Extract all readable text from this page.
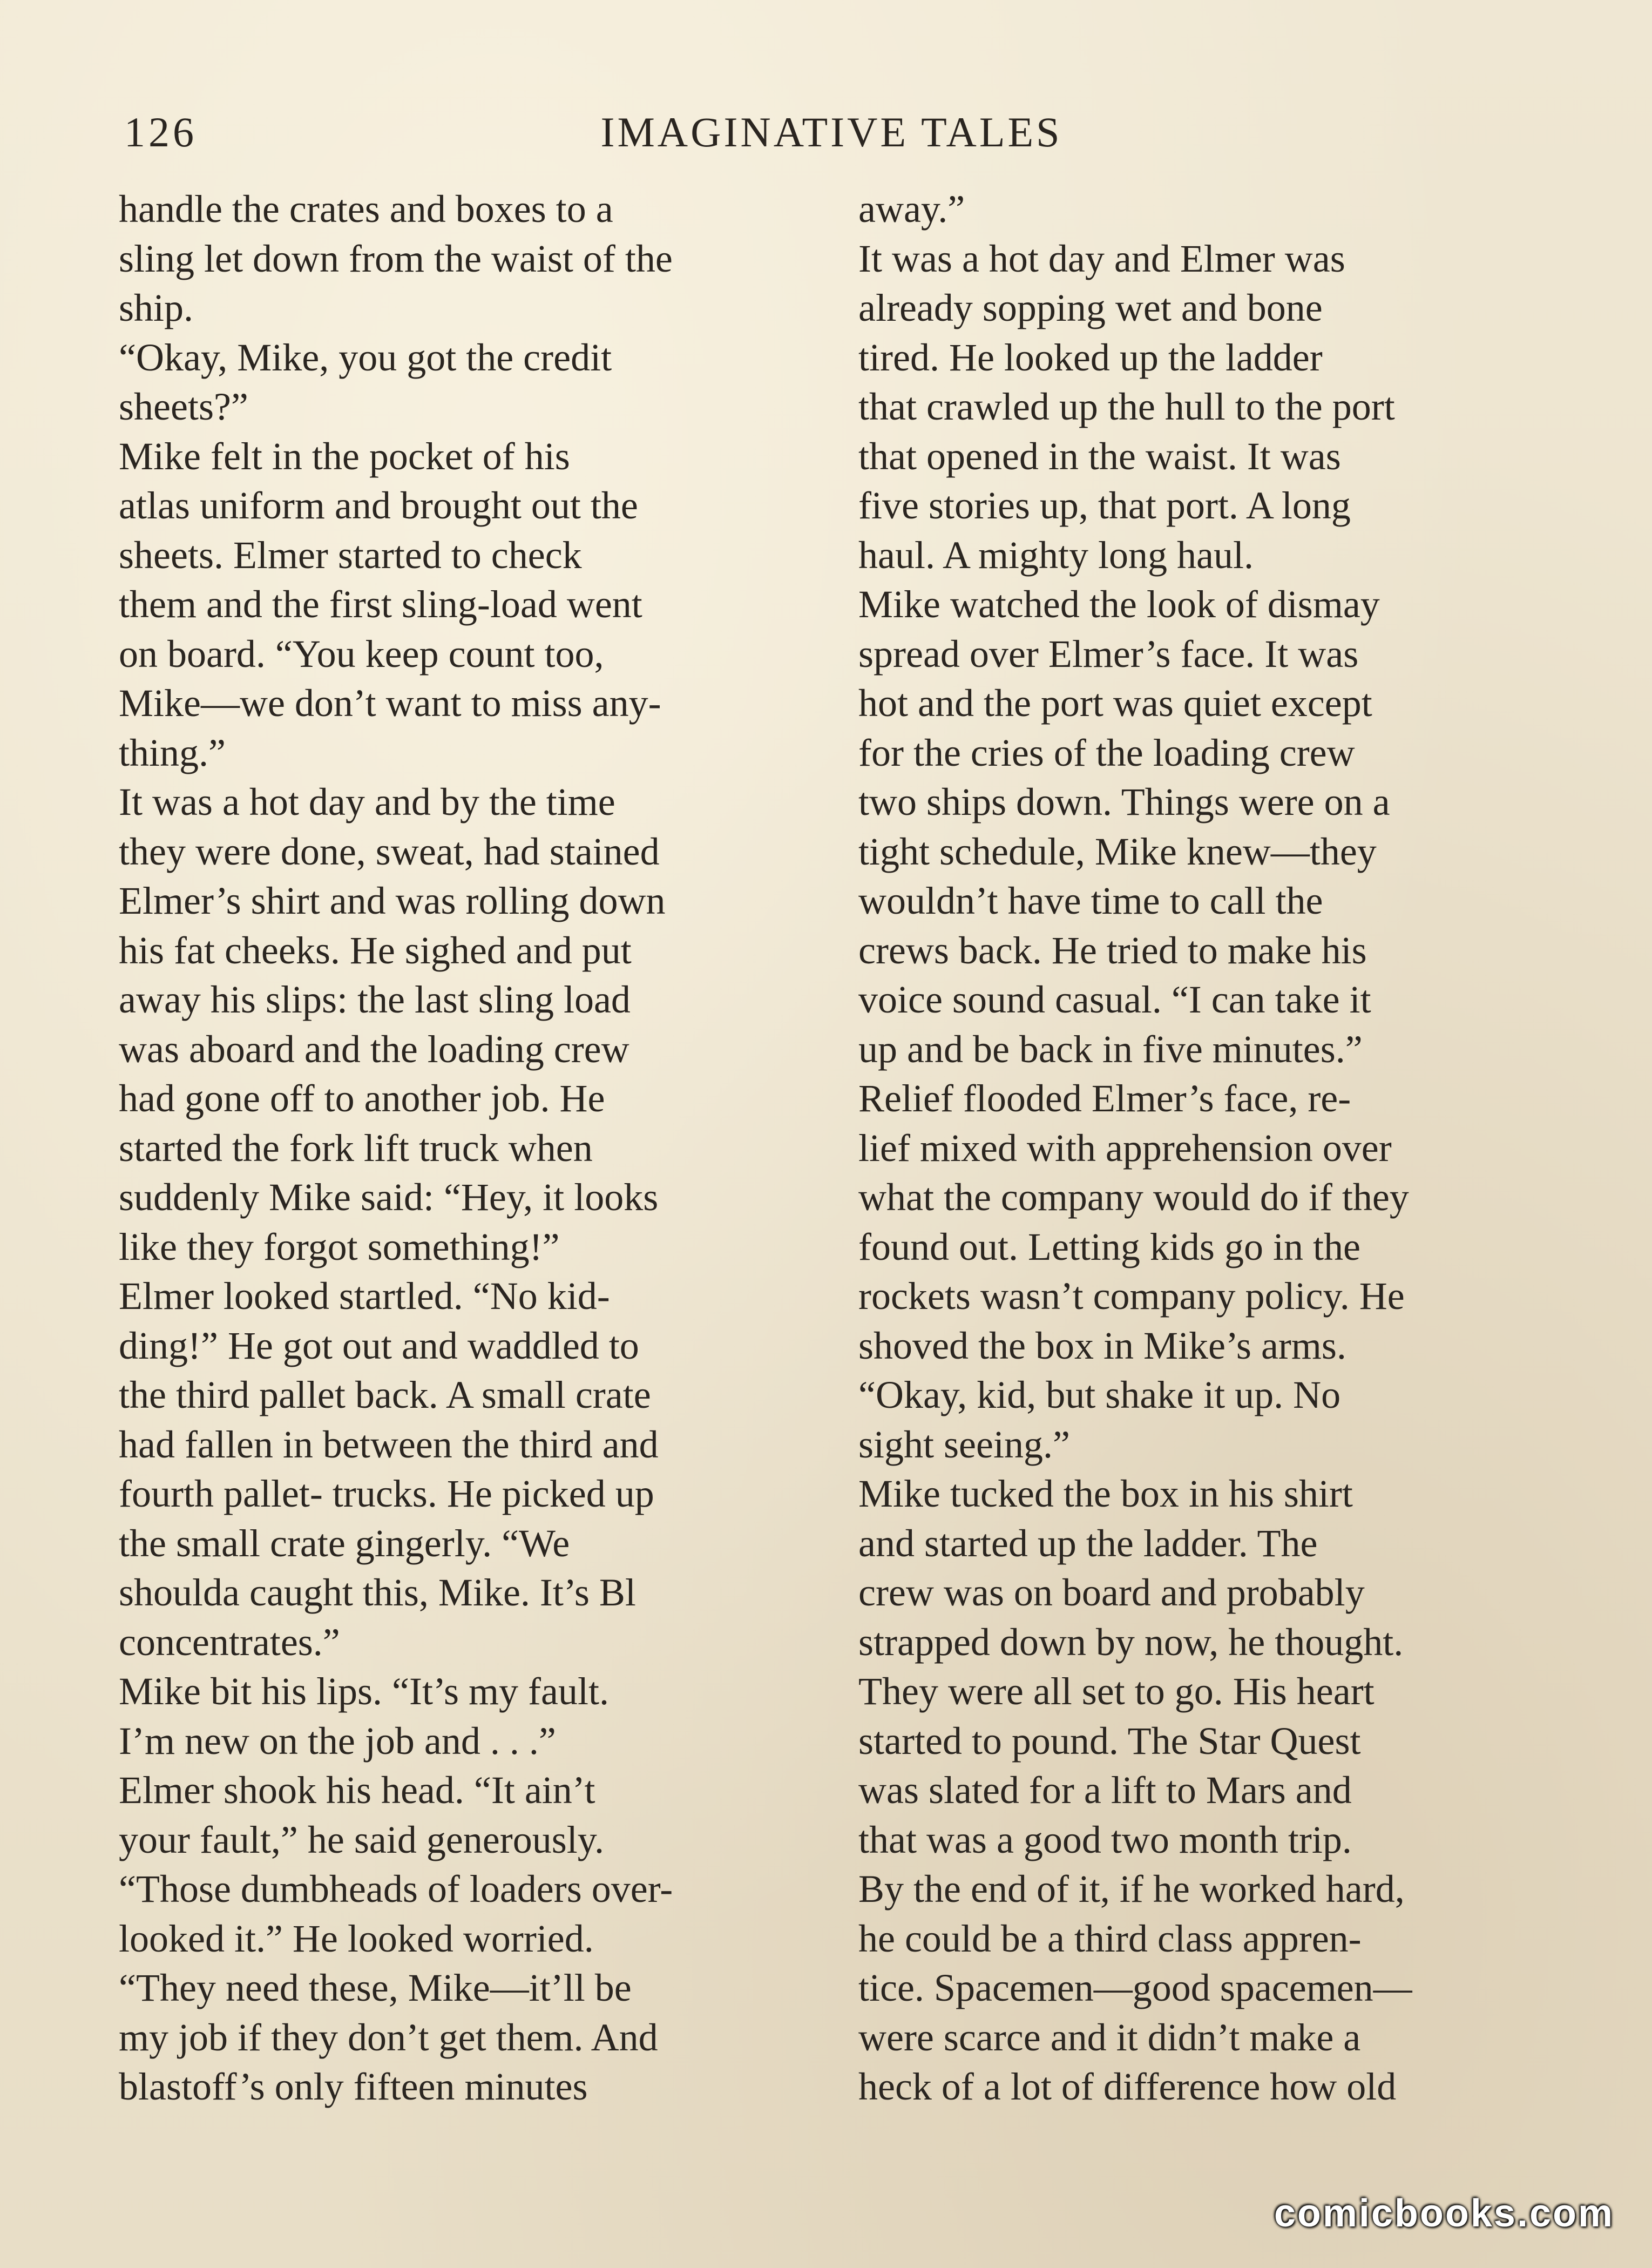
126	IMAGINATIVE TALES
handle the crates and boxes to a
sling let down from the waist of the
ship.
“Okay, Mike, you got the credit
sheets?”
Mike felt in the pocket of his
atlas uniform and brought out the
sheets. Elmer started to check
them and the first sling-load went
on board. “You keep count too,
Mike—we don’t want to miss any-
thing.”
It was a hot day and by the time
they were done, sweat, had stained
Elmer’s shirt and was rolling down
his fat cheeks. He sighed and put
away his slips: the last sling load
was aboard and the loading crew
had gone off to another job. He
started the fork lift truck when
suddenly Mike said: “Hey, it looks
like they forgot something!”
Elmer looked startled. “No kid-
ding!” He got out and waddled to
the third pallet back. A small crate
had fallen in between the third and
fourth pallet- trucks. He picked up
the small crate gingerly. “We
shoulda caught this, Mike. It’s Bl
concentrates.”
Mike bit his lips. “It’s my fault.
I’m new on the job and . . .”
Elmer shook his head. “It ain’t
your fault,” he said generously.
“Those dumbheads of loaders over-
looked it.” He looked worried.
“They need these, Mike—it’ll be
my job if they don’t get them. And
blastoff’s only fifteen minutes
away.”
It was a hot day and Elmer was
already sopping wet and bone
tired. He looked up the ladder
that crawled up the hull to the port
that opened in the waist. It was
five stories up, that port. A long
haul. A mighty long haul.
Mike watched the look of dismay
spread over Elmer’s face. It was
hot and the port was quiet except
for the cries of the loading crew
two ships down. Things were on a
tight schedule, Mike knew—they
wouldn’t have time to call the
crews back. He tried to make his
voice sound casual. “I can take it
up and be back in five minutes.”
Relief flooded Elmer’s face, re-
lief mixed with apprehension over
what the company would do if they
found out. Letting kids go in the
rockets wasn’t company policy. He
shoved the box in Mike’s arms.
“Okay, kid, but shake it up. No
sight seeing.”
Mike tucked the box in his shirt
and started up the ladder. The
crew was on board and probably
strapped down by now, he thought.
They were all set to go. His heart
started to pound. The Star Quest
was slated for a lift to Mars and
that was a good two month trip.
By the end of it, if he worked hard,
he could be a third class appren-
tice. Spacemen—good spacemen—
were scarce and it didn’t make a
heck of a lot of difference how old
comicbooks.com
